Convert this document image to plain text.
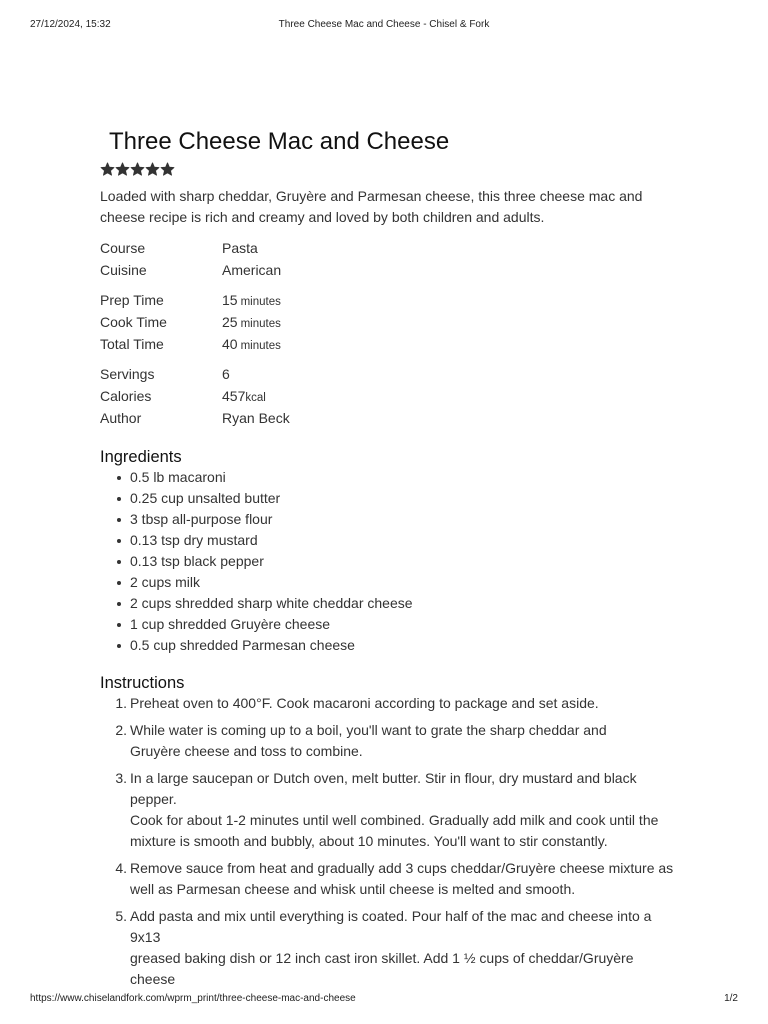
27/12/2024, 15:32	Three Cheese Mac and Cheese - Chisel & Fork
Three Cheese Mac and Cheese

Loaded with sharp cheddar, Gruyère and Parmesan cheese, this three cheese mac and cheese recipe is rich and creamy and loved by both children and adults.

Course	Pasta
Cuisine	American
Prep Time	15 minutes
Cook Time	25 minutes
Total Time	40 minutes
Servings	6
Calories	457kcal
Author	Ryan Beck
Ingredients
0.5 lb macaroni
0.25 cup unsalted butter
3 tbsp all-purpose flour
0.13 tsp dry mustard
0.13 tsp black pepper
2 cups milk
2 cups shredded sharp white cheddar cheese
1 cup shredded Gruyère cheese
0.5 cup shredded Parmesan cheese
Instructions
1. Preheat oven to 400°F. Cook macaroni according to package and set aside.
2. While water is coming up to a boil, you'll want to grate the sharp cheddar and
Gruyère cheese and toss to combine.
3. In a large saucepan or Dutch oven, melt butter. Stir in flour, dry mustard and black pepper.
Cook for about 1-2 minutes until well combined. Gradually add milk and cook until the
mixture is smooth and bubbly, about 10 minutes. You'll want to stir constantly.
4. Remove sauce from heat and gradually add 3 cups cheddar/Gruyère cheese mixture as
well as Parmesan cheese and whisk until cheese is melted and smooth.
5. Add pasta and mix until everything is coated. Pour half of the mac and cheese into a 9x13
greased baking dish or 12 inch cast iron skillet. Add 1 ½ cups of cheddar/Gruyère cheese
https://www.chiselandfork.com/wprm_print/three-cheese-mac-and-cheese	1/2
